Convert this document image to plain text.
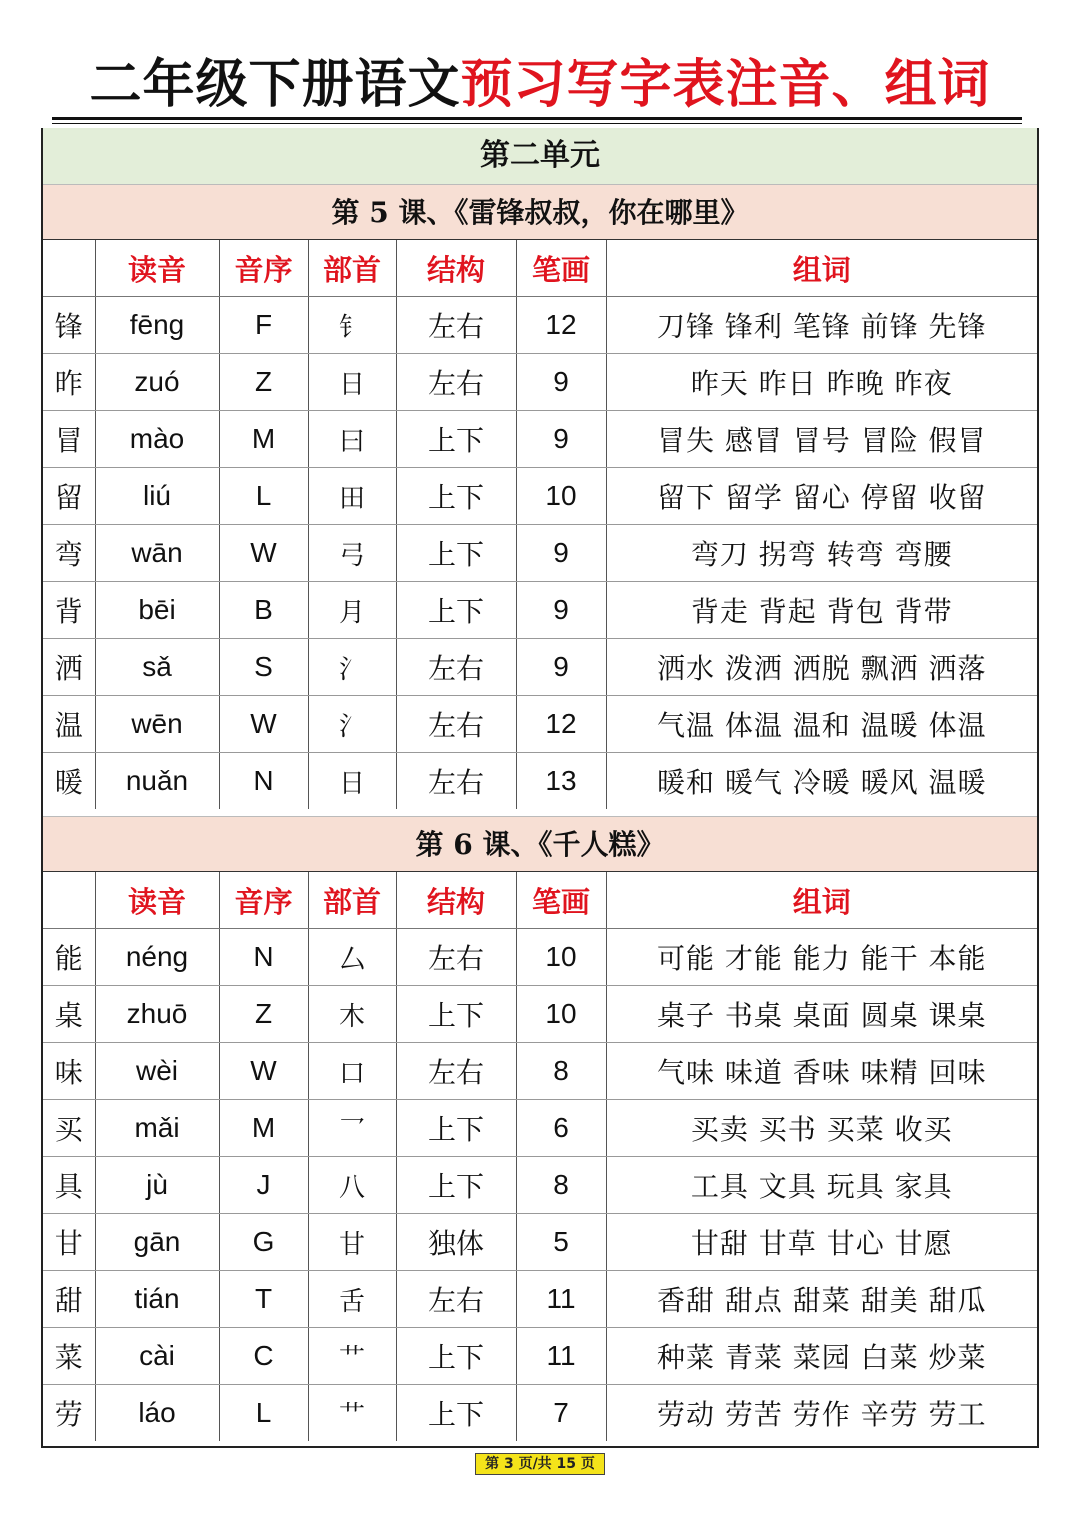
二年级下册语文预习写字表注音、组词
第二单元
第 5 课、《雷锋叔叔，你在哪里》
	读音	音序	部首	结构	笔画	组词
锋	fēng	F	钅	左右	12	刀锋 锋利 笔锋 前锋 先锋
昨	zuó	Z	日	左右	9	昨天 昨日 昨晚 昨夜
冒	mào	M	曰	上下	9	冒失 感冒 冒号 冒险 假冒
留	liú	L	田	上下	10	留下 留学 留心 停留 收留
弯	wān	W	弓	上下	9	弯刀 拐弯 转弯 弯腰
背	bēi	B	月	上下	9	背走 背起 背包 背带
洒	sǎ	S	氵	左右	9	洒水 泼洒 洒脱 飘洒 洒落
温	wēn	W	氵	左右	12	气温 体温 温和 温暖 体温
暖	nuǎn	N	日	左右	13	暖和 暖气 冷暖 暖风 温暖
第 6 课、《千人糕》
	读音	音序	部首	结构	笔画	组词
能	néng	N	厶	左右	10	可能 才能 能力 能干 本能
桌	zhuō	Z	木	上下	10	桌子 书桌 桌面 圆桌 课桌
味	wèi	W	口	左右	8	气味 味道 香味 味精 回味
买	mǎi	M	乛	上下	6	买卖 买书 买菜 收买
具	jù	J	八	上下	8	工具 文具 玩具 家具
甘	gān	G	甘	独体	5	甘甜 甘草 甘心 甘愿
甜	tián	T	舌	左右	11	香甜 甜点 甜菜 甜美 甜瓜
菜	cài	C	艹	上下	11	种菜 青菜 菜园 白菜 炒菜
劳	láo	L	艹	上下	7	劳动 劳苦 劳作 辛劳 劳工
第 3 页/共 15 页
